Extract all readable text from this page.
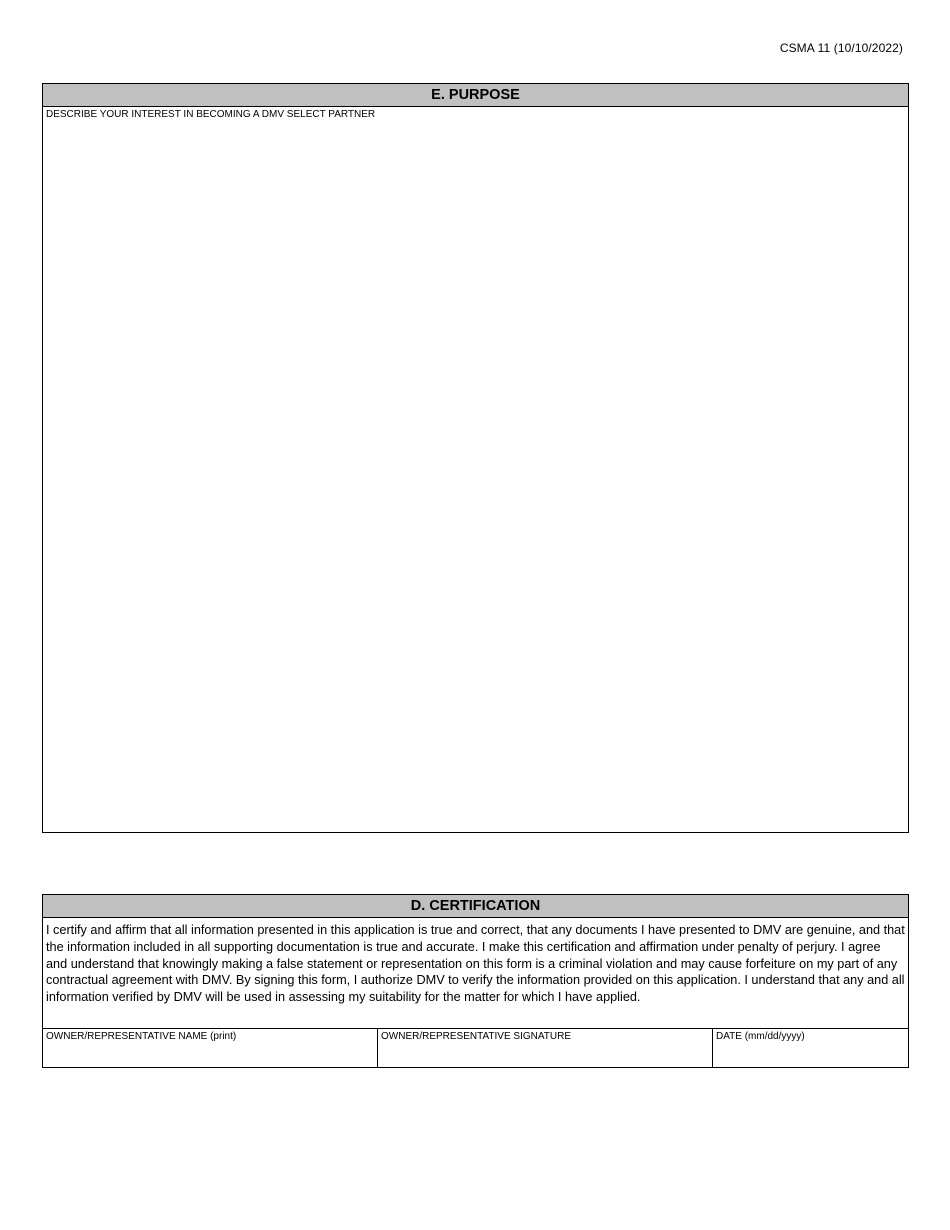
CSMA 11 (10/10/2022)
E. PURPOSE
DESCRIBE YOUR INTEREST IN BECOMING A DMV SELECT PARTNER
D. CERTIFICATION
I certify and affirm that all information presented in this application is true and correct, that any documents I have presented to DMV are genuine, and that the information included in all supporting documentation is true and accurate. I make this certification and affirmation under penalty of perjury. I agree and understand that knowingly making a false statement or representation on this form is a criminal violation and may cause forfeiture on my part of any contractual agreement with DMV. By signing this form, I authorize DMV to verify the information provided on this application. I understand that any and all information verified by DMV will be used in assessing my suitability for the matter for which I have applied.
OWNER/REPRESENTATIVE NAME (print)	OWNER/REPRESENTATIVE SIGNATURE	DATE (mm/dd/yyyy)
